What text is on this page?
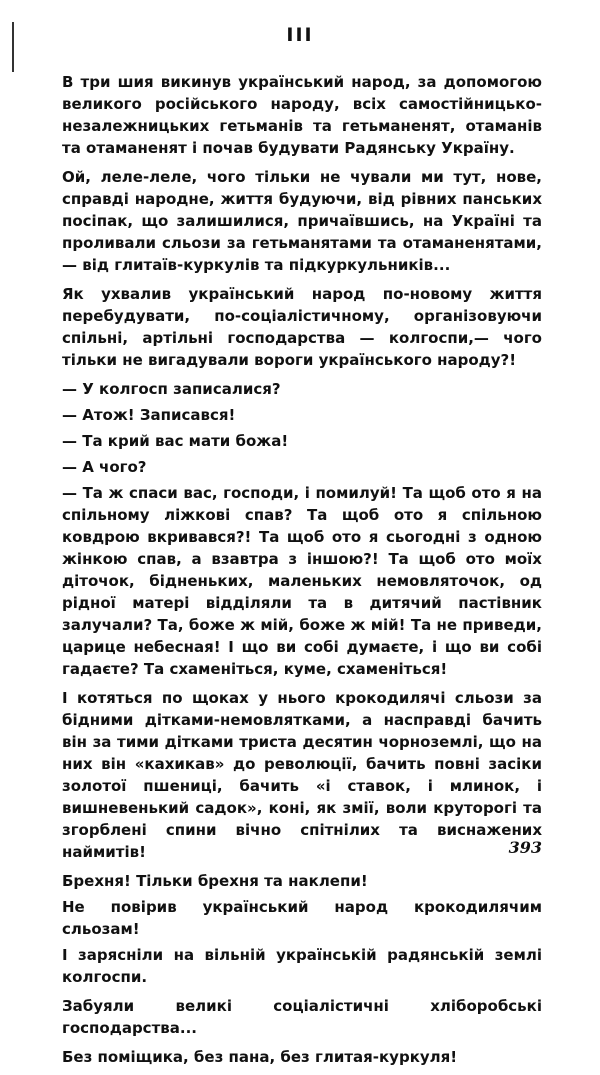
III

В три шия викинув український народ, за допомогою великого російського народу, всіх самостійницько-незалежницьких гетьманів та гетьманенят, отаманів та отаманенят і почав будувати Радянську Україну.

Ой, леле-леле, чого тільки не чували ми тут, нове, справді народне, життя будуючи, від рівних панських посіпак, що залишилися, причаївшись, на Україні та проливали сльози за гетьманятами та отаманенятами,— від глитаїв-куркулів та підкуркульників...

Як ухвалив український народ по-новому життя перебудувати, по-соціалістичному, організовуючи спільні, артільні господарства — колгоспи,— чого тільки не вигадували вороги українського народу?!

— У колгосп записалися?

— Атож! Записався!

— Та крий вас мати божа!

— А чого?

— Та ж спаси вас, господи, і помилуй! Та щоб ото я на спільному ліжкові спав? Та щоб ото я спільною ковдрою вкривався?! Та щоб ото я сьогодні з одною жінкою спав, а взавтра з іншою?! Та щоб ото моїх діточок, бідненьких, маленьких немовляточок, од рідної матері відділяли та в дитячий пастівник залучали? Та, боже ж мій, боже ж мій! Та не приведи, царице небесная! І що ви собі думаєте, і що ви собі гадаєте? Та схаменіться, куме, схаменіться!

І котяться по щоках у нього крокодилячі сльози за бідними дітками-немовлятками, а насправді бачить він за тими дітками триста десятин чорноземлі, що на них він «кахикав» до революції, бачить повні засіки золотої пшениці, бачить «і ставок, і млинок, і вишневенький садок», коні, як змії, воли круторогі та згорблені спини вічно спітнілих та виснажених наймитів!

Брехня! Тільки брехня та наклепи!

Не повірив український народ крокодилячим сльозам!

І зарясніли на вільній українській радянській землі колгоспи.

Забуяли великі соціалістичні хліборобські господарства...

Без поміщика, без пана, без глитая-куркуля!

393
